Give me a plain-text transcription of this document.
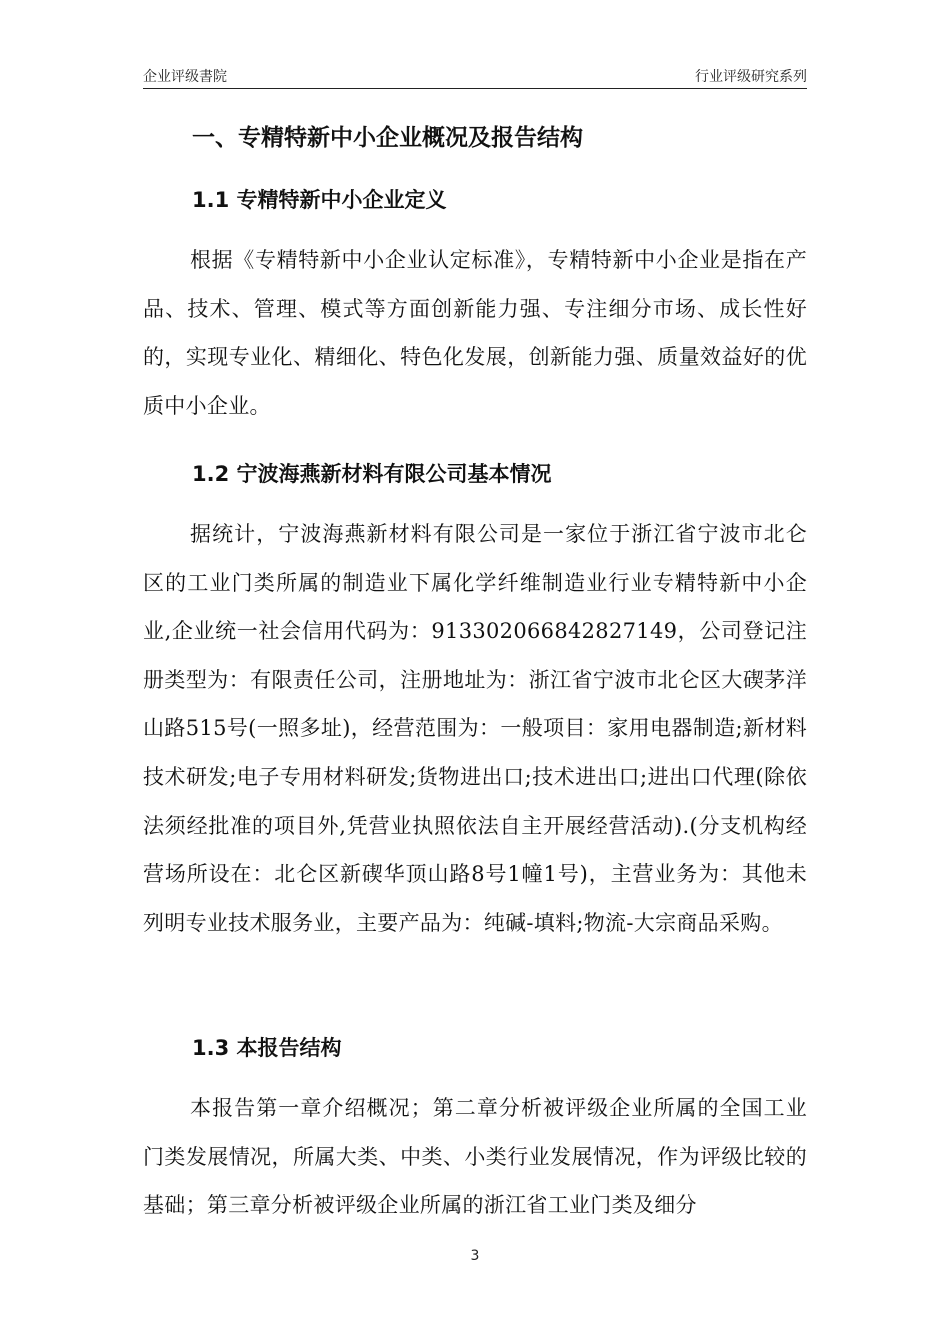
企业评级書院	行业评级研究系列
一、专精特新中小企业概况及报告结构
1.1 专精特新中小企业定义

根据《专精特新中小企业认定标准》，专精特新中小企业是指在产品、技术、管理、模式等方面创新能力强、专注细分市场、成长性好的，实现专业化、精细化、特色化发展，创新能力强、质量效益好的优质中小企业。

1.2 宁波海燕新材料有限公司基本情况

据统计，宁波海燕新材料有限公司是一家位于浙江省宁波市北仑区的工业门类所属的制造业下属化学纤维制造业行业专精特新中小企业,企业统一社会信用代码为：913302066842827149，公司登记注册类型为：有限责任公司，注册地址为：浙江省宁波市北仑区大碶茅洋山路515号(一照多址)，经营范围为：一般项目：家用电器制造;新材料技术研发;电子专用材料研发;货物进出口;技术进出口;进出口代理(除依法须经批准的项目外,凭营业执照依法自主开展经营活动).(分支机构经营场所设在：北仑区新碶华顶山路8号1幢1号)，主营业务为：其他未列明专业技术服务业，主要产品为：纯碱-填料;物流-大宗商品采购。

1.3 本报告结构

本报告第一章介绍概况；第二章分析被评级企业所属的全国工业门类发展情况，所属大类、中类、小类行业发展情况，作为评级比较的基础；第三章分析被评级企业所属的浙江省工业门类及细分

3
